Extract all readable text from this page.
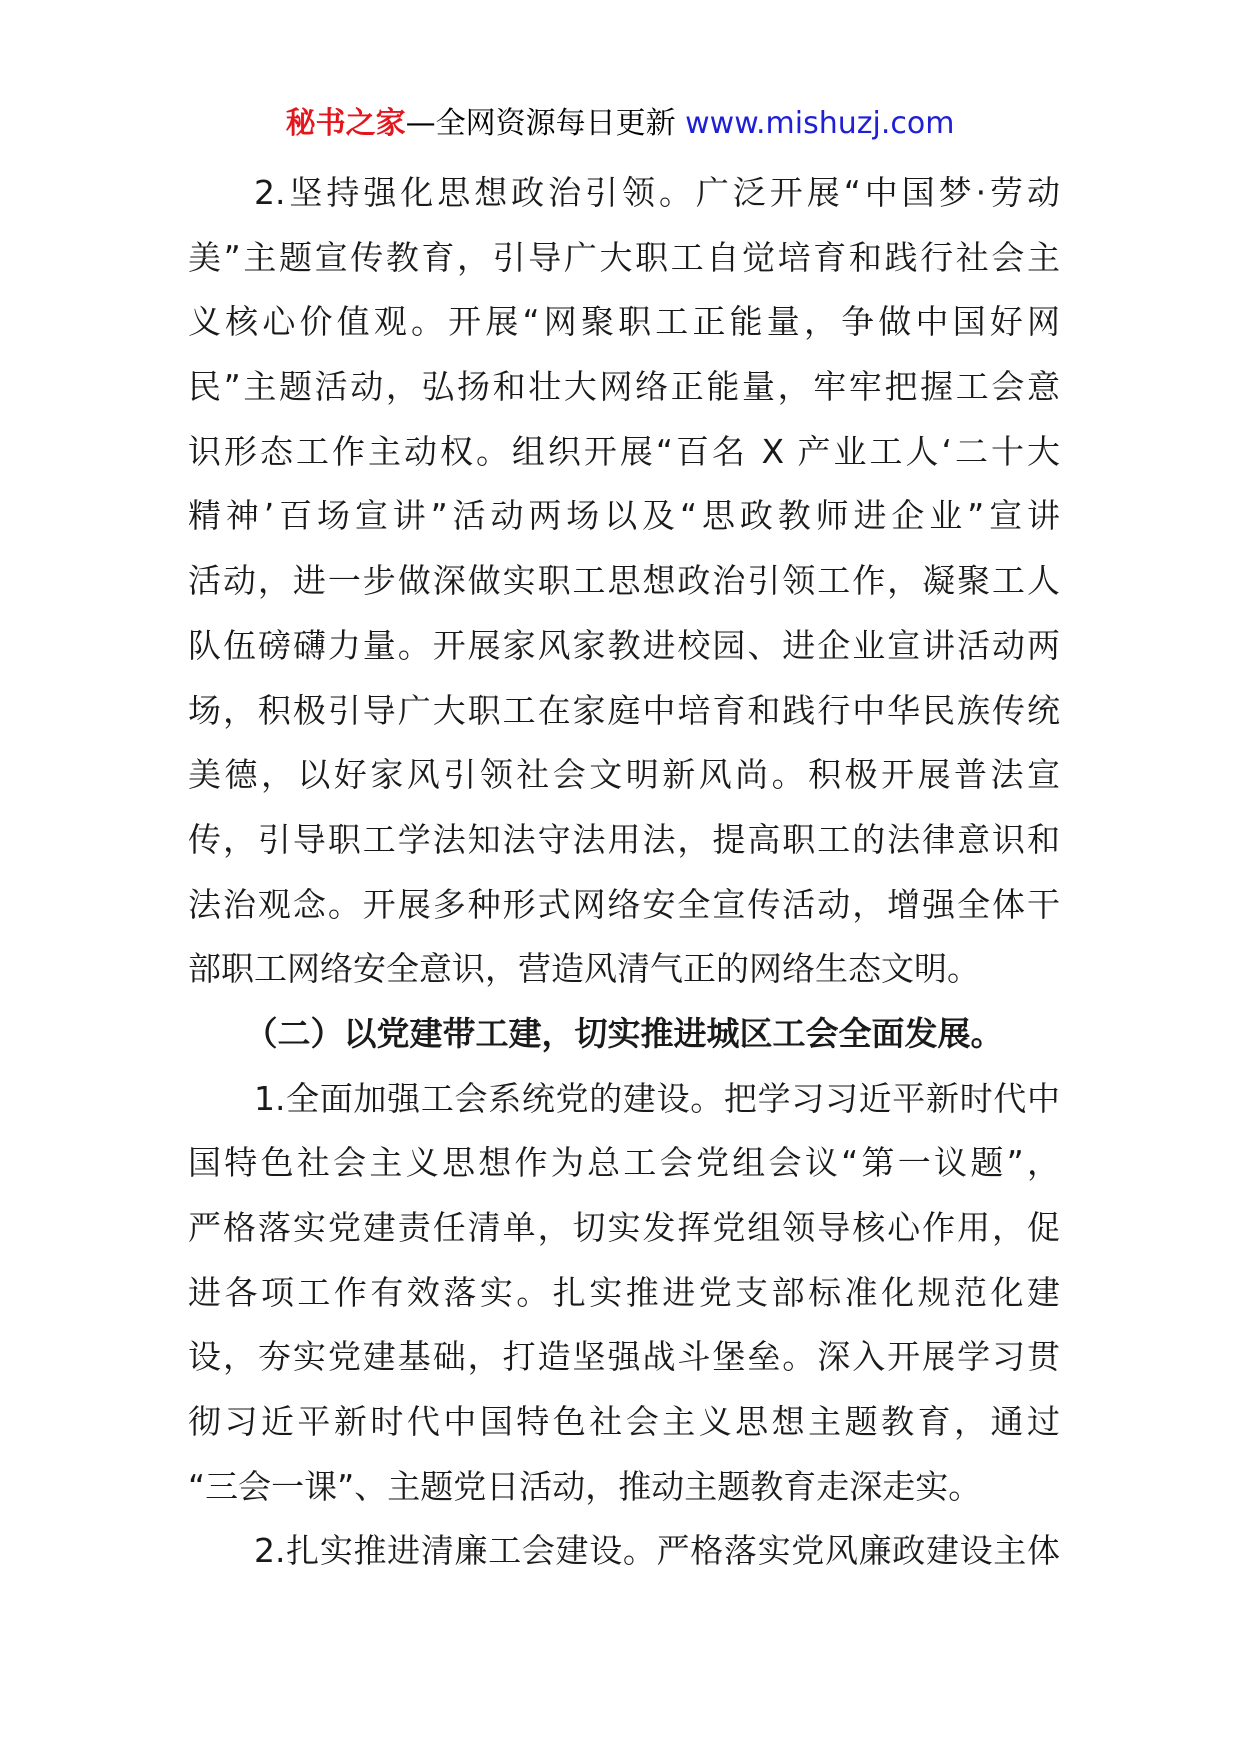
秘书之家—全网资源每日更新 www.mishuzj.com
2.坚持强化思想政治引领。广泛开展“中国梦·劳动
美”主题宣传教育，引导广大职工自觉培育和践行社会主
义核心价值观。开展“网聚职工正能量，争做中国好网
民”主题活动，弘扬和壮大网络正能量，牢牢把握工会意
识形态工作主动权。组织开展“百名 X 产业工人‘二十大
精神’百场宣讲”活动两场以及“思政教师进企业”宣讲
活动，进一步做深做实职工思想政治引领工作，凝聚工人
队伍磅礴力量。开展家风家教进校园、进企业宣讲活动两
场，积极引导广大职工在家庭中培育和践行中华民族传统
美德，以好家风引领社会文明新风尚。积极开展普法宣
传，引导职工学法知法守法用法，提高职工的法律意识和
法治观念。开展多种形式网络安全宣传活动，增强全体干
部职工网络安全意识，营造风清气正的网络生态文明。
（二）以党建带工建，切实推进城区工会全面发展。
1.全面加强工会系统党的建设。把学习习近平新时代中
国特色社会主义思想作为总工会党组会议“第一议题”，
严格落实党建责任清单，切实发挥党组领导核心作用，促
进各项工作有效落实。扎实推进党支部标准化规范化建
设，夯实党建基础，打造坚强战斗堡垒。深入开展学习贯
彻习近平新时代中国特色社会主义思想主题教育，通过
“三会一课”、主题党日活动，推动主题教育走深走实。
2.扎实推进清廉工会建设。严格落实党风廉政建设主体
